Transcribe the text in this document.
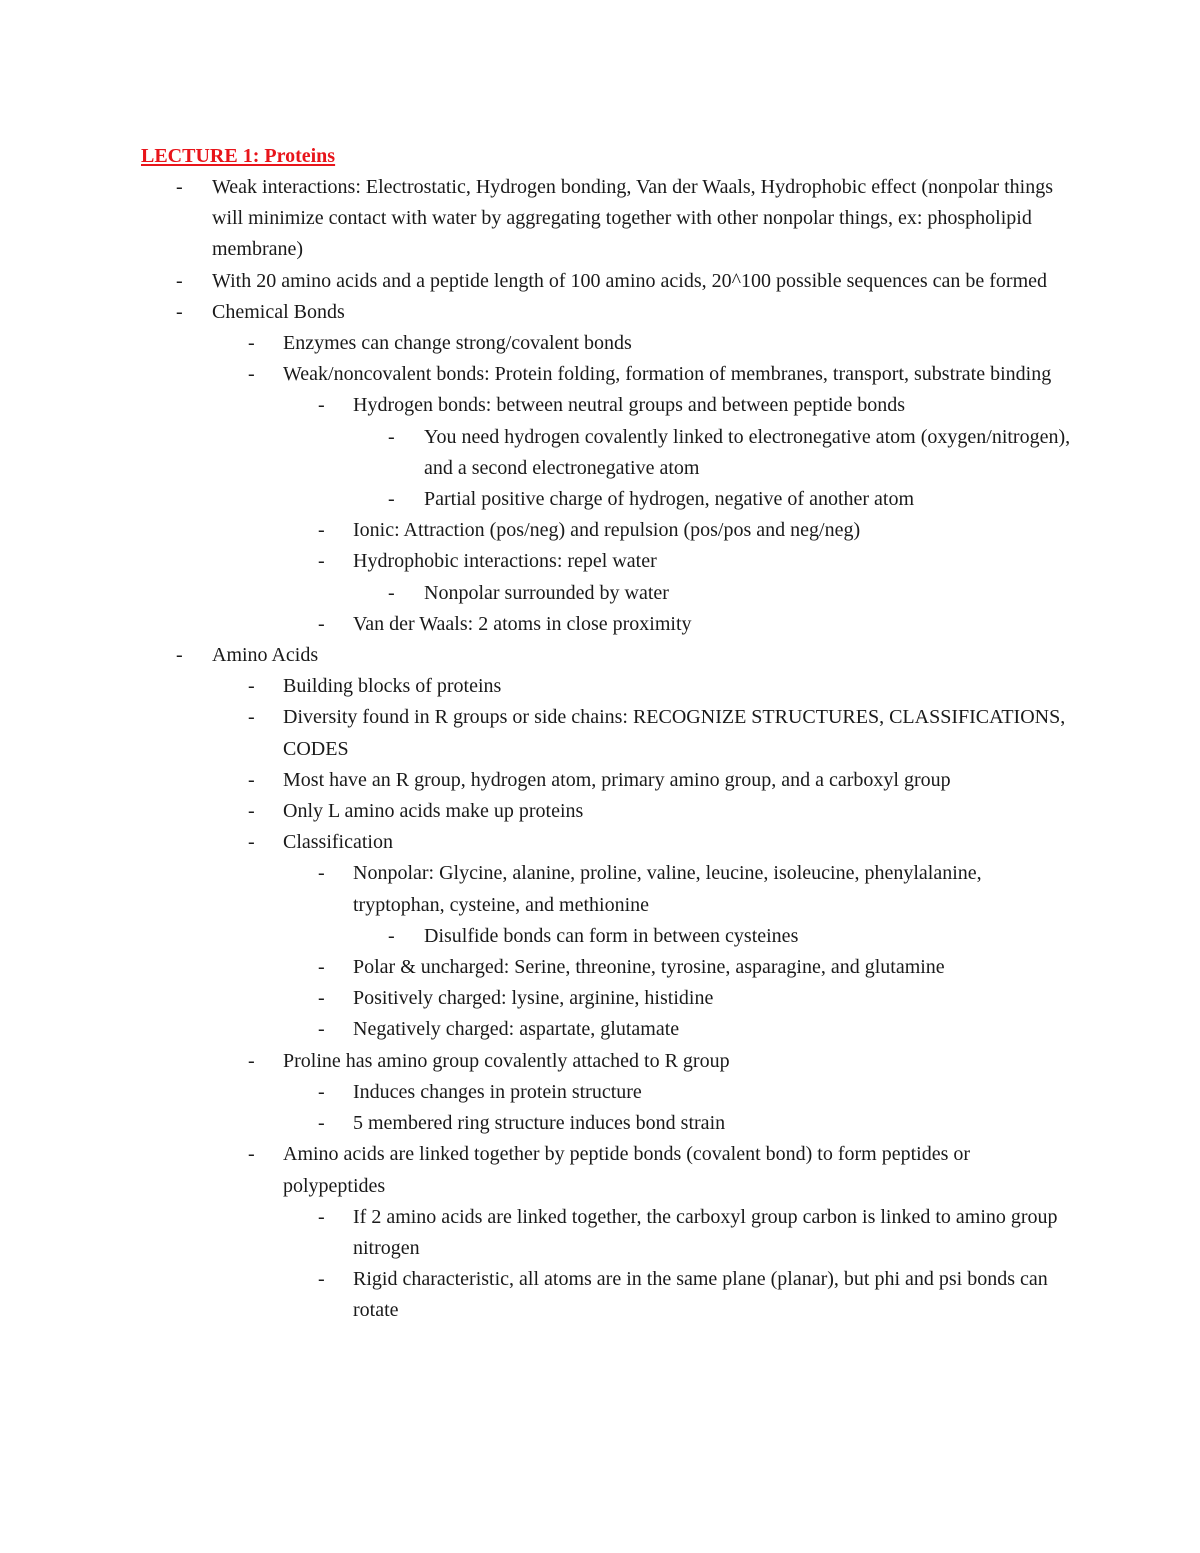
LECTURE 1: Proteins
- Weak interactions: Electrostatic, Hydrogen bonding, Van der Waals, Hydrophobic effect (nonpolar things will minimize contact with water by aggregating together with other nonpolar things, ex: phospholipid membrane)
- With 20 amino acids and a peptide length of 100 amino acids, 20^100 possible sequences can be formed
- Chemical Bonds
- Enzymes can change strong/covalent bonds
- Weak/noncovalent bonds: Protein folding, formation of membranes, transport, substrate binding
- Hydrogen bonds: between neutral groups and between peptide bonds
- You need hydrogen covalently linked to electronegative atom (oxygen/nitrogen), and a second electronegative atom
- Partial positive charge of hydrogen, negative of another atom
- Ionic: Attraction (pos/neg) and repulsion (pos/pos and neg/neg)
- Hydrophobic interactions: repel water
- Nonpolar surrounded by water
- Van der Waals: 2 atoms in close proximity
- Amino Acids
- Building blocks of proteins
- Diversity found in R groups or side chains: RECOGNIZE STRUCTURES, CLASSIFICATIONS, CODES
- Most have an R group, hydrogen atom, primary amino group, and a carboxyl group
- Only L amino acids make up proteins
- Classification
- Nonpolar: Glycine, alanine, proline, valine, leucine, isoleucine, phenylalanine, tryptophan, cysteine, and methionine
- Disulfide bonds can form in between cysteines
- Polar & uncharged: Serine, threonine, tyrosine, asparagine, and glutamine
- Positively charged: lysine, arginine, histidine
- Negatively charged: aspartate, glutamate
- Proline has amino group covalently attached to R group
- Induces changes in protein structure
- 5 membered ring structure induces bond strain
- Amino acids are linked together by peptide bonds (covalent bond) to form peptides or polypeptides
- If 2 amino acids are linked together, the carboxyl group carbon is linked to amino group nitrogen
- Rigid characteristic, all atoms are in the same plane (planar), but phi and psi bonds can rotate
